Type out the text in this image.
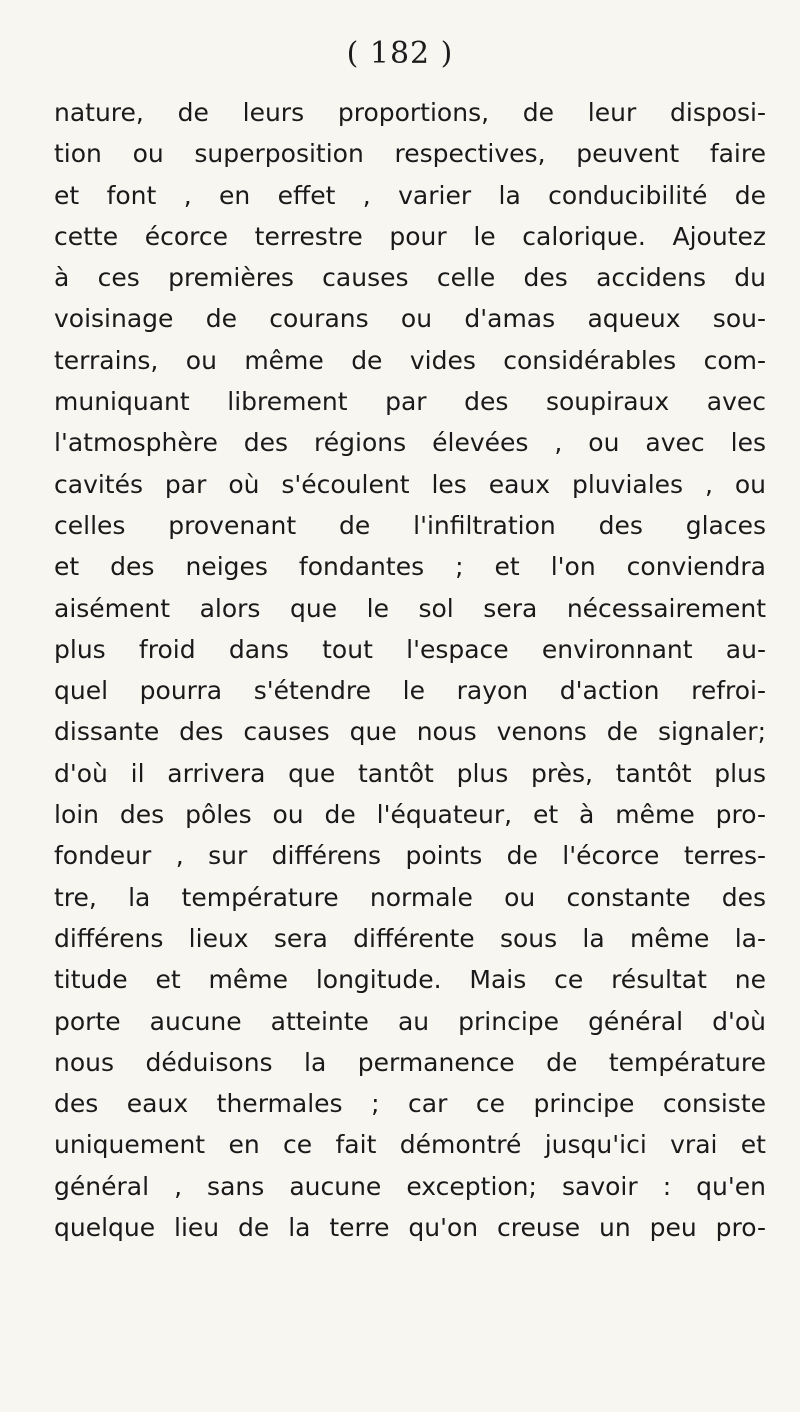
( 182 )
nature, de leurs proportions, de leur disposi-
tion ou superposition respectives, peuvent faire
et font , en effet , varier la conducibilité de
cette écorce terrestre pour le calorique. Ajoutez
à ces premières causes celle des accidens du
voisinage de courans ou d'amas aqueux sou-
terrains, ou même de vides considérables com-
muniquant librement par des soupiraux avec
l'atmosphère des régions élevées , ou avec les
cavités par où s'écoulent les eaux pluviales , ou
celles provenant de l'infiltration des glaces
et des neiges fondantes ; et l'on conviendra
aisément alors que le sol sera nécessairement
plus froid dans tout l'espace environnant au-
quel pourra s'étendre le rayon d'action refroi-
dissante des causes que nous venons de signaler;
d'où il arrivera que tantôt plus près, tantôt plus
loin des pôles ou de l'équateur, et à même pro-
fondeur , sur différens points de l'écorce terres-
tre, la température normale ou constante des
différens lieux sera différente sous la même la-
titude et même longitude. Mais ce résultat ne
porte aucune atteinte au principe général d'où
nous déduisons la permanence de température
des eaux thermales ; car ce principe consiste
uniquement en ce fait démontré jusqu'ici vrai et
général , sans aucune exception; savoir : qu'en
quelque lieu de la terre qu'on creuse un peu pro-
